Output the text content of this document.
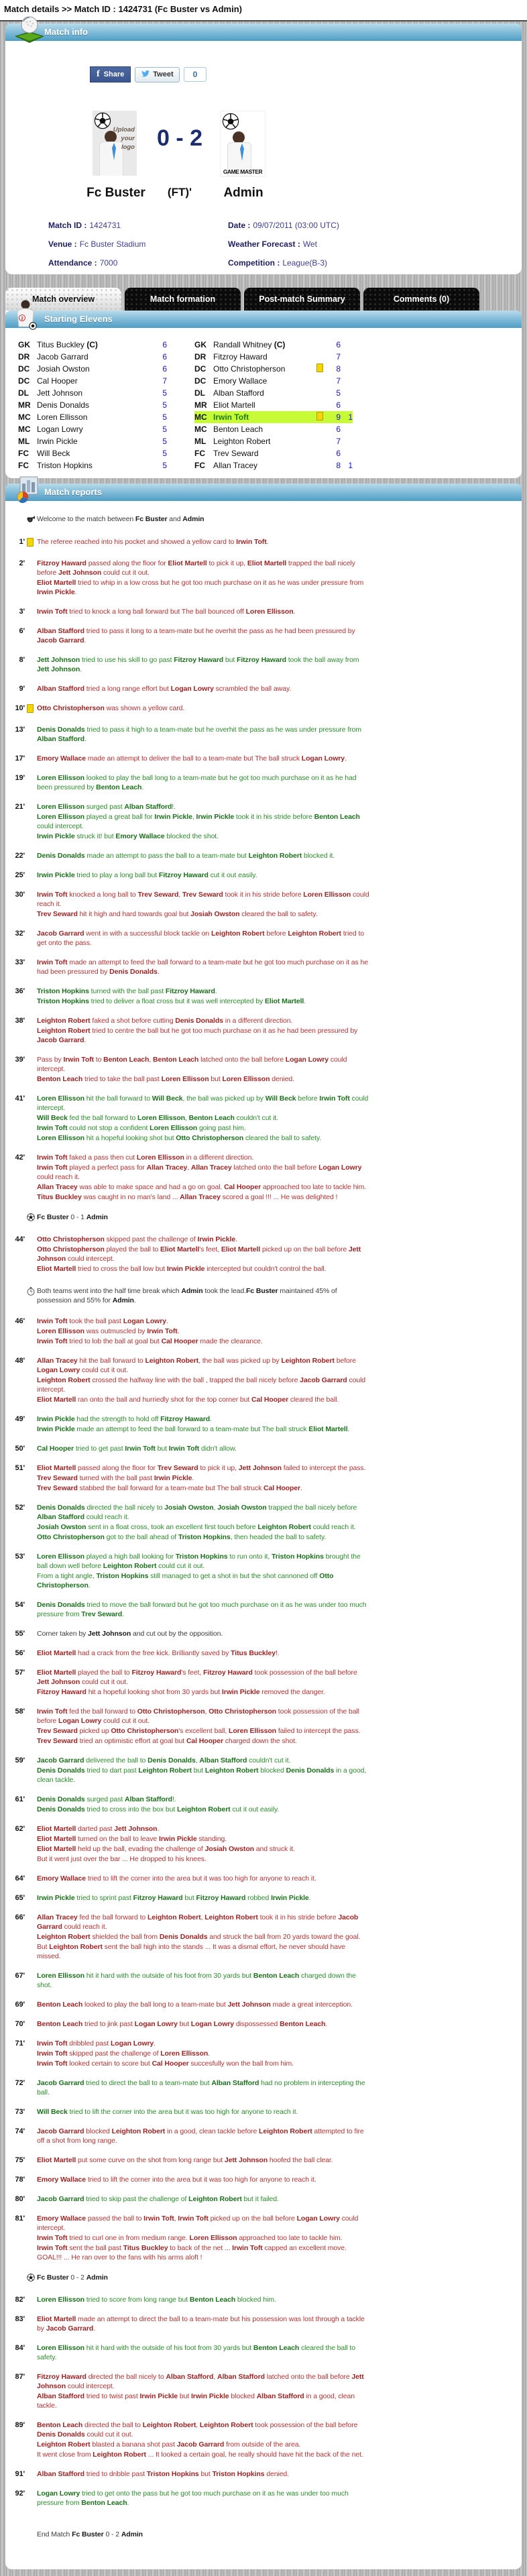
Match details >> Match ID : 1424731 (Fc Buster vs Admin)
Match info
f Share	Tweet	0
Upload your logo 0 - 2
GAME MASTER
Fc Buster	(FT)'	Admin
Match ID : 1424731
Venue : Fc Buster Stadium
Attendance : 7000
Date : 09/07/2011 (03:00 UTC)
Weather Forecast : Wet
Competition : League(B-3)
Match overview	Match formation	Post-match Summary	Comments (0)
2 Starting Elevens
GK Titus Buckley (C)	6
DR Jacob Garrard	6
DC Josiah Owston	6
DC Cal Hooper	7
DL	Jett Johnson	5
MR Denis Donalds	5
MC Loren Ellisson	5
MC Logan Lowry	5
ML Irwin Pickle	5
FC	Will Beck	5
FC	Triston Hopkins	5
GK Randall Whitney (C)	6
DR Fitzroy Haward	7
DC Otto Christopherson	8
DC Emory Wallace	7
DL	Alban Stafford	5
MR Eliot Martell	6
MC Irwin Toft	9 1
MC Benton Leach	6
ML Leighton Robert	7
FC	Trev Seward	6
FC	Allan Tracey	8 1
Match reports
Welcome to the match between Fc Buster and Admin
1' The referee reached into his pocket and showed a yellow card to Irwin Toft.
2' Fitzroy Haward passed along the floor for Eliot Martell to pick it up, Eliot Martell trapped the ball nicely before Jett Johnson could cut it out.
Eliot Martell tried to whip in a low cross but he got too much purchase on it as he was under pressure from Irwin Pickle.
3' Irwin Toft tried to knock a long ball forward but The ball bounced off Loren Ellisson.
6' Alban Stafford tried to pass it long to a team-mate but he overhit the pass as he had been pressured by Jacob Garrard.
8' Jett Johnson tried to use his skill to go past Fitzroy Haward but Fitzroy Haward took the ball away from Jett Johnson.
9' Alban Stafford tried a long range effort but Logan Lowry scrambled the ball away.
10' Otto Christopherson was shown a yellow card.
13' Denis Donalds tried to pass it high to a team-mate but he overhit the pass as he was under pressure from Alban Stafford.
17' Emory Wallace made an attempt to deliver the ball to a team-mate but The ball struck Logan Lowry.
19' Loren Ellisson looked to play the ball long to a team-mate but he got too much purchase on it as he had been pressured by Benton Leach.
21' Loren Ellisson surged past Alban Stafford!.
Loren Ellisson played a great ball for Irwin Pickle, Irwin Pickle took it in his stride before Benton Leach could intercept.
Irwin Pickle struck it! but Emory Wallace blocked the shot.
22' Denis Donalds made an attempt to pass the ball to a team-mate but Leighton Robert blocked it.
25' Irwin Pickle tried to play a long ball but Fitzroy Haward cut it out easily.
30' Irwin Toft knocked a long ball to Trev Seward, Trev Seward took it in his stride before Loren Ellisson could reach it.
Trev Seward hit it high and hard towards goal but Josiah Owston cleared the ball to safety.
32' Jacob Garrard went in with a successful block tackle on Leighton Robert before Leighton Robert tried to get onto the pass.
33' Irwin Toft made an attempt to feed the ball forward to a team-mate but he got too much purchase on it as he had been pressured by Denis Donalds.
36' Triston Hopkins turned with the ball past Fitzroy Haward.
Triston Hopkins tried to deliver a float cross but it was well intercepted by Eliot Martell.
38' Leighton Robert faked a shot before cutting Denis Donalds in a different direction.
Leighton Robert tried to centre the ball but he got too much purchase on it as he had been pressured by Jacob Garrard.
39' Pass by Irwin Toft to Benton Leach, Benton Leach latched onto the ball before Logan Lowry could intercept.
Benton Leach tried to take the ball past Loren Ellisson but Loren Ellisson denied.
41' Loren Ellisson hit the ball forward to Will Beck, the ball was picked up by Will Beck before Irwin Toft could intercept.
Will Beck fed the ball forward to Loren Ellisson, Benton Leach couldn't cut it.
Irwin Toft could not stop a confident Loren Ellisson going past him.
Loren Ellisson hit a hopeful looking shot but Otto Christopherson cleared the ball to safety.
42' Irwin Toft faked a pass then cut Loren Ellisson in a different direction.
Irwin Toft played a perfect pass for Allan Tracey, Allan Tracey latched onto the ball before Logan Lowry could reach it.
Allan Tracey was able to make space and had a go on goal. Cal Hooper approached too late to tackle him.
Titus Buckley was caught in no man's land ... Allan Tracey scored a goal !!! ... He was delighted !
Fc Buster 0 - 1 Admin
44' Otto Christopherson skipped past the challenge of Irwin Pickle.
Otto Christopherson played the ball to Eliot Martell's feet, Eliot Martell picked up on the ball before Jett Johnson could intercept.
Eliot Martell tried to cross the ball low but Irwin Pickle intercepted but couldn't control the ball.
Both teams went into the half time break which Admin took the lead.Fc Buster maintained 45% of possession and 55% for Admin.
46' Irwin Toft took the ball past Logan Lowry.
Loren Ellisson was outmuscled by Irwin Toft.
Irwin Toft tried to lob the ball at goal but Cal Hooper made the clearance.
48' Allan Tracey hit the ball forward to Leighton Robert, the ball was picked up by Leighton Robert before Logan Lowry could cut it out.
Leighton Robert crossed the halfway line with the ball , trapped the ball nicely before Jacob Garrard could intercept.
Eliot Martell ran onto the ball and hurriedly shot for the top corner but Cal Hooper cleared the ball.
49' Irwin Pickle had the strength to hold off Fitzroy Haward.
Irwin Pickle made an attempt to feed the ball forward to a team-mate but The ball struck Eliot Martell.
50' Cal Hooper tried to get past Irwin Toft but Irwin Toft didn't allow.
51' Eliot Martell passed along the floor for Trev Seward to pick it up, Jett Johnson failed to intercept the pass.
Trev Seward turned with the ball past Irwin Pickle.
Trev Seward stabbed the ball forward for a team-mate but The ball struck Cal Hooper.
52' Denis Donalds directed the ball nicely to Josiah Owston, Josiah Owston trapped the ball nicely before Alban Stafford could reach it.
Josiah Owston sent in a float cross, took an excellent first touch before Leighton Robert could reach it.
Otto Christopherson got to the ball ahead of Triston Hopkins, then headed the ball to safety.
53' Loren Ellisson played a high ball looking for Triston Hopkins to run onto it, Triston Hopkins brought the ball down well before Leighton Robert could cut it out.
From a tight angle, Triston Hopkins still managed to get a shot in but the shot cannoned off Otto Christopherson.
54' Denis Donalds tried to move the ball forward but he got too much purchase on it as he was under too much pressure from Trev Seward.
55' Corner taken by Jett Johnson and cut out by the opposition.
56' Eliot Martell had a crack from the free kick. Brilliantly saved by Titus Buckley!.
57' Eliot Martell played the ball to Fitzroy Haward's feet, Fitzroy Haward took possession of the ball before Jett Johnson could cut it out.
Fitzroy Haward hit a hopeful looking shot from 30 yards but Irwin Pickle removed the danger.
58' Irwin Toft fed the ball forward to Otto Christopherson, Otto Christopherson took possession of the ball before Logan Lowry could cut it out.
Trev Seward picked up Otto Christopherson's excellent ball, Loren Ellisson failed to intercept the pass.
Trev Seward tried an optimistic effort at goal but Cal Hooper charged down the shot.
59' Jacob Garrard delivered the ball to Denis Donalds, Alban Stafford couldn't cut it.
Denis Donalds tried to dart past Leighton Robert but Leighton Robert blocked Denis Donalds in a good, clean tackle.
61' Denis Donalds surged past Alban Stafford!.
Denis Donalds tried to cross into the box but Leighton Robert cut it out easily.
62' Eliot Martell darted past Jett Johnson.
Eliot Martell turned on the ball to leave Irwin Pickle standing.
Eliot Martell held up the ball, evading the challenge of Josiah Owston and struck it.
But it went just over the bar ... He dropped to his knees.
64' Emory Wallace tried to lift the corner into the area but it was too high for anyone to reach it.
65' Irwin Pickle tried to sprint past Fitzroy Haward but Fitzroy Haward robbed Irwin Pickle.
66' Allan Tracey fed the ball forward to Leighton Robert, Leighton Robert took it in his stride before Jacob Garrard could reach it.
Leighton Robert shielded the ball from Denis Donalds and struck the ball from 20 yards toward the goal.
But Leighton Robert sent the ball high into the stands ... It was a dismal effort, he never should have missed.
67' Loren Ellisson hit it hard with the outside of his foot from 30 yards but Benton Leach charged down the shot.
69' Benton Leach looked to play the ball long to a team-mate but Jett Johnson made a great interception.
70' Benton Leach tried to jink past Logan Lowry but Logan Lowry dispossessed Benton Leach.
71' Irwin Toft dribbled past Logan Lowry.
Irwin Toft skipped past the challenge of Loren Ellisson.
Irwin Toft looked certain to score but Cal Hooper succesfully won the ball from him.
72' Jacob Garrard tried to direct the ball to a team-mate but Alban Stafford had no problem in intercepting the ball.
73' Will Beck tried to lift the corner into the area but it was too high for anyone to reach it.
74' Jacob Garrard blocked Leighton Robert in a good, clean tackle before Leighton Robert attempted to fire off a shot from long range.
75' Eliot Martell put some curve on the shot from long range but Jett Johnson hoofed the ball clear.
78' Emory Wallace tried to lift the corner into the area but it was too high for anyone to reach it.
80' Jacob Garrard tried to skip past the challenge of Leighton Robert but it failed.
81' Emory Wallace passed the ball to Irwin Toft, Irwin Toft picked up on the ball before Logan Lowry could intercept.
Irwin Toft tried to curl one in from medium range. Loren Ellisson approached too late to tackle him.
Irwin Toft sent the ball past Titus Buckley to back of the net ... Irwin Toft capped an excellent move. GOAL!!! ... He ran over to the fans with his arms aloft !
Fc Buster 0 - 2 Admin
82' Loren Ellisson tried to score from long range but Benton Leach blocked him.
83' Eliot Martell made an attempt to direct the ball to a team-mate but his possession was lost through a tackle by Jacob Garrard.
84' Loren Ellisson hit it hard with the outside of his foot from 30 yards but Benton Leach cleared the ball to safety.
87' Fitzroy Haward directed the ball nicely to Alban Stafford, Alban Stafford latched onto the ball before Jett Johnson could intercept.
Alban Stafford tried to twist past Irwin Pickle but Irwin Pickle blocked Alban Stafford in a good, clean tackle.
89' Benton Leach directed the ball to Leighton Robert, Leighton Robert took possession of the ball before Denis Donalds could cut it out.
Leighton Robert blasted a banana shot past Jacob Garrard from outside of the area.
It went close from Leighton Robert ... It looked a certain goal, he really should have hit the back of the net.
91' Alban Stafford tried to dribble past Triston Hopkins but Triston Hopkins denied.
92' Logan Lowry tried to get onto the pass but he got too much purchase on it as he was under too much pressure from Benton Leach.
End Match Fc Buster 0 - 2 Admin
